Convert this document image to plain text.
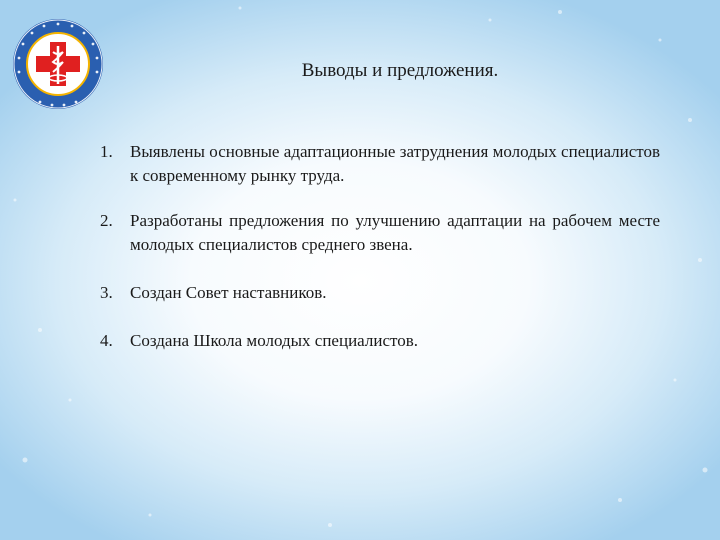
Выводы и предложения.
1.	Выявлены основные адаптационные затруднения молодых специалистов к современному рынку труда.
2.	Разработаны предложения по улучшению адаптации на рабочем месте молодых специалистов среднего звена.
3.	Создан Совет наставников.
4.	Создана Школа молодых специалистов.
